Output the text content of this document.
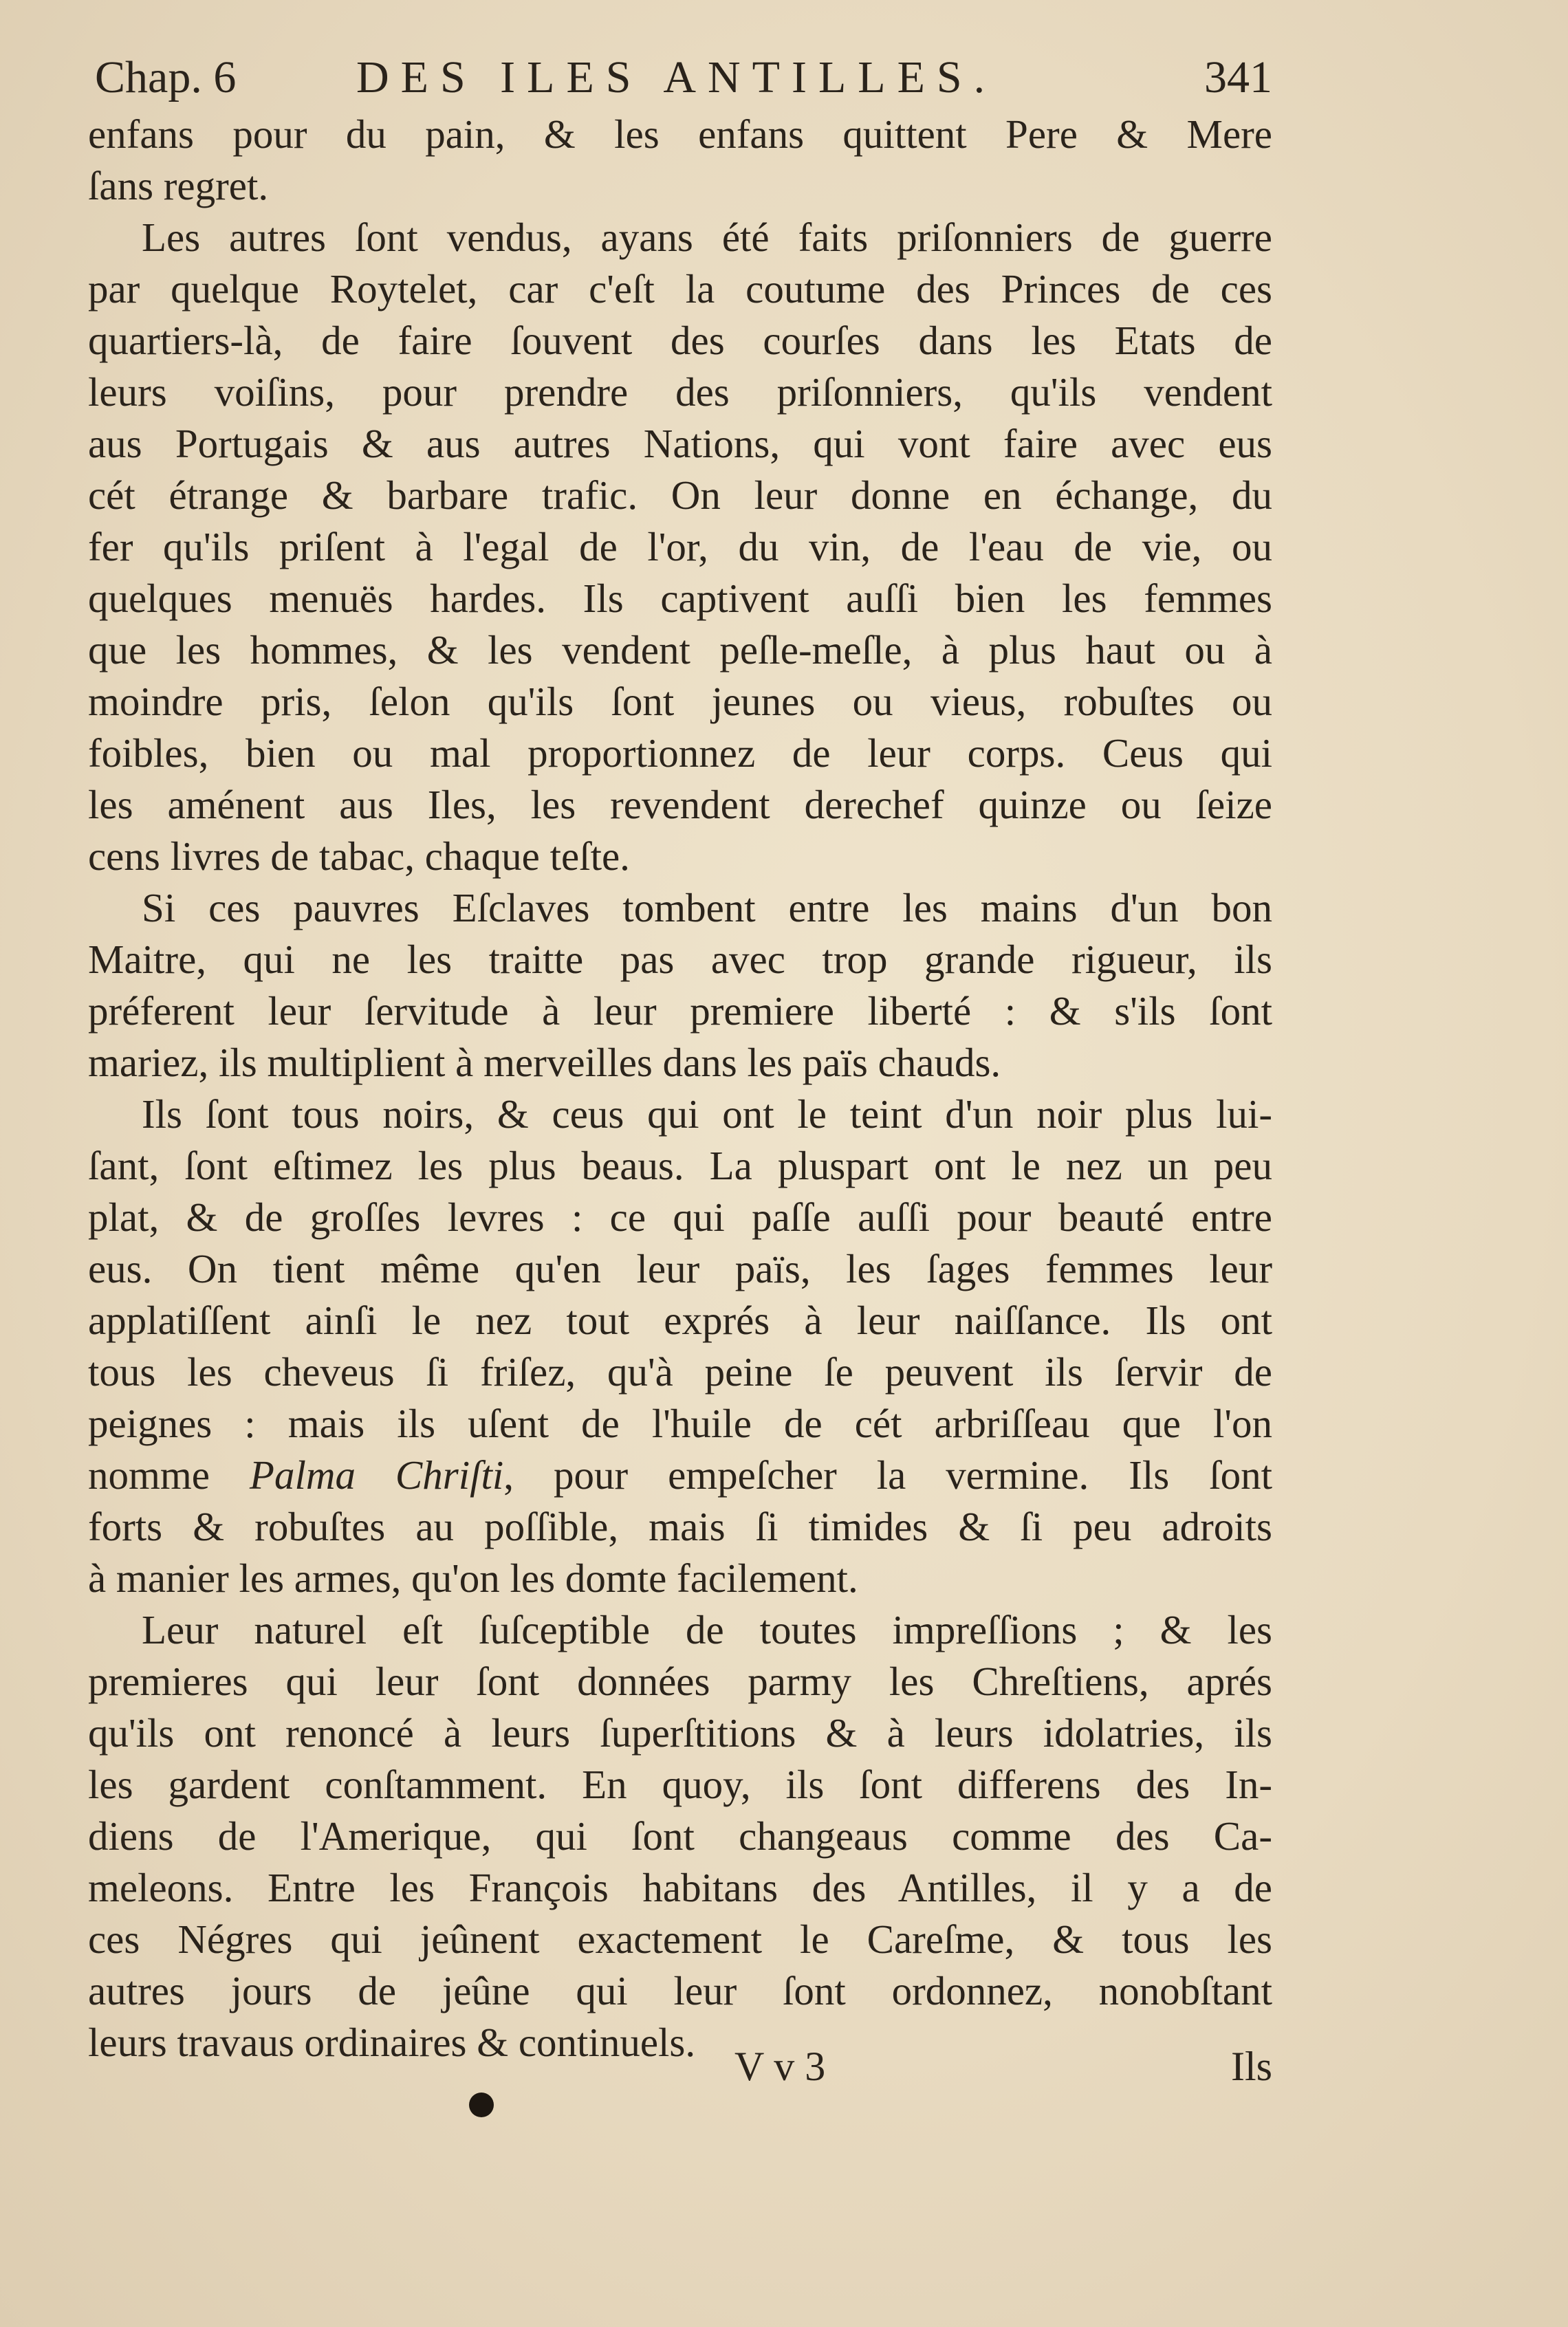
Chap. 6	DES ILES ANTILLES.	341
enfans pour du pain, & les enfans quittent Pere & Mere
ſans regret.
Les autres ſont vendus, ayans été faits priſonniers de guerre
par quelque Roytelet, car c'eſt la coutume des Princes de ces
quartiers-là, de faire ſouvent des courſes dans les Etats de
leurs voiſins, pour prendre des priſonniers, qu'ils vendent
aus Portugais & aus autres Nations, qui vont faire avec eus
cét étrange & barbare trafic. On leur donne en échange, du
fer qu'ils priſent à l'egal de l'or, du vin, de l'eau de vie, ou
quelques menuës hardes. Ils captivent auſſi bien les femmes
que les hommes, & les vendent peſle-meſle, à plus haut ou à
moindre pris, ſelon qu'ils ſont jeunes ou vieus, robuſtes ou
foibles, bien ou mal proportionnez de leur corps. Ceus qui
les aménent aus Iles, les revendent derechef quinze ou ſeize
cens livres de tabac, chaque teſte.
Si ces pauvres Eſclaves tombent entre les mains d'un bon
Maitre, qui ne les traitte pas avec trop grande rigueur, ils
préferent leur ſervitude à leur premiere liberté : & s'ils ſont
mariez, ils multiplient à merveilles dans les païs chauds.
Ils ſont tous noirs, & ceus qui ont le teint d'un noir plus lui-
ſant, ſont eſtimez les plus beaus. La pluspart ont le nez un peu
plat, & de groſſes levres : ce qui paſſe auſſi pour beauté entre
eus. On tient même qu'en leur païs, les ſages femmes leur
applatiſſent ainſi le nez tout exprés à leur naiſſance. Ils ont
tous les cheveus ſi friſez, qu'à peine ſe peuvent ils ſervir de
peignes : mais ils uſent de l'huile de cét arbriſſeau que l'on
nomme Palma Chriſti, pour empeſcher la vermine. Ils ſont
forts & robuſtes au poſſible, mais ſi timides & ſi peu adroits
à manier les armes, qu'on les domte facilement.
Leur naturel eſt ſuſceptible de toutes impreſſions ; & les
premieres qui leur ſont données parmy les Chreſtiens, aprés
qu'ils ont renoncé à leurs ſuperſtitions & à leurs idolatries, ils
les gardent conſtamment. En quoy, ils ſont differens des In-
diens de l'Amerique, qui ſont changeaus comme des Ca-
meleons. Entre les François habitans des Antilles, il y a de
ces Négres qui jeûnent exactement le Careſme, & tous les
autres jours de jeûne qui leur ſont ordonnez, nonobſtant
leurs travaus ordinaires & continuels.
V v 3	Ils
